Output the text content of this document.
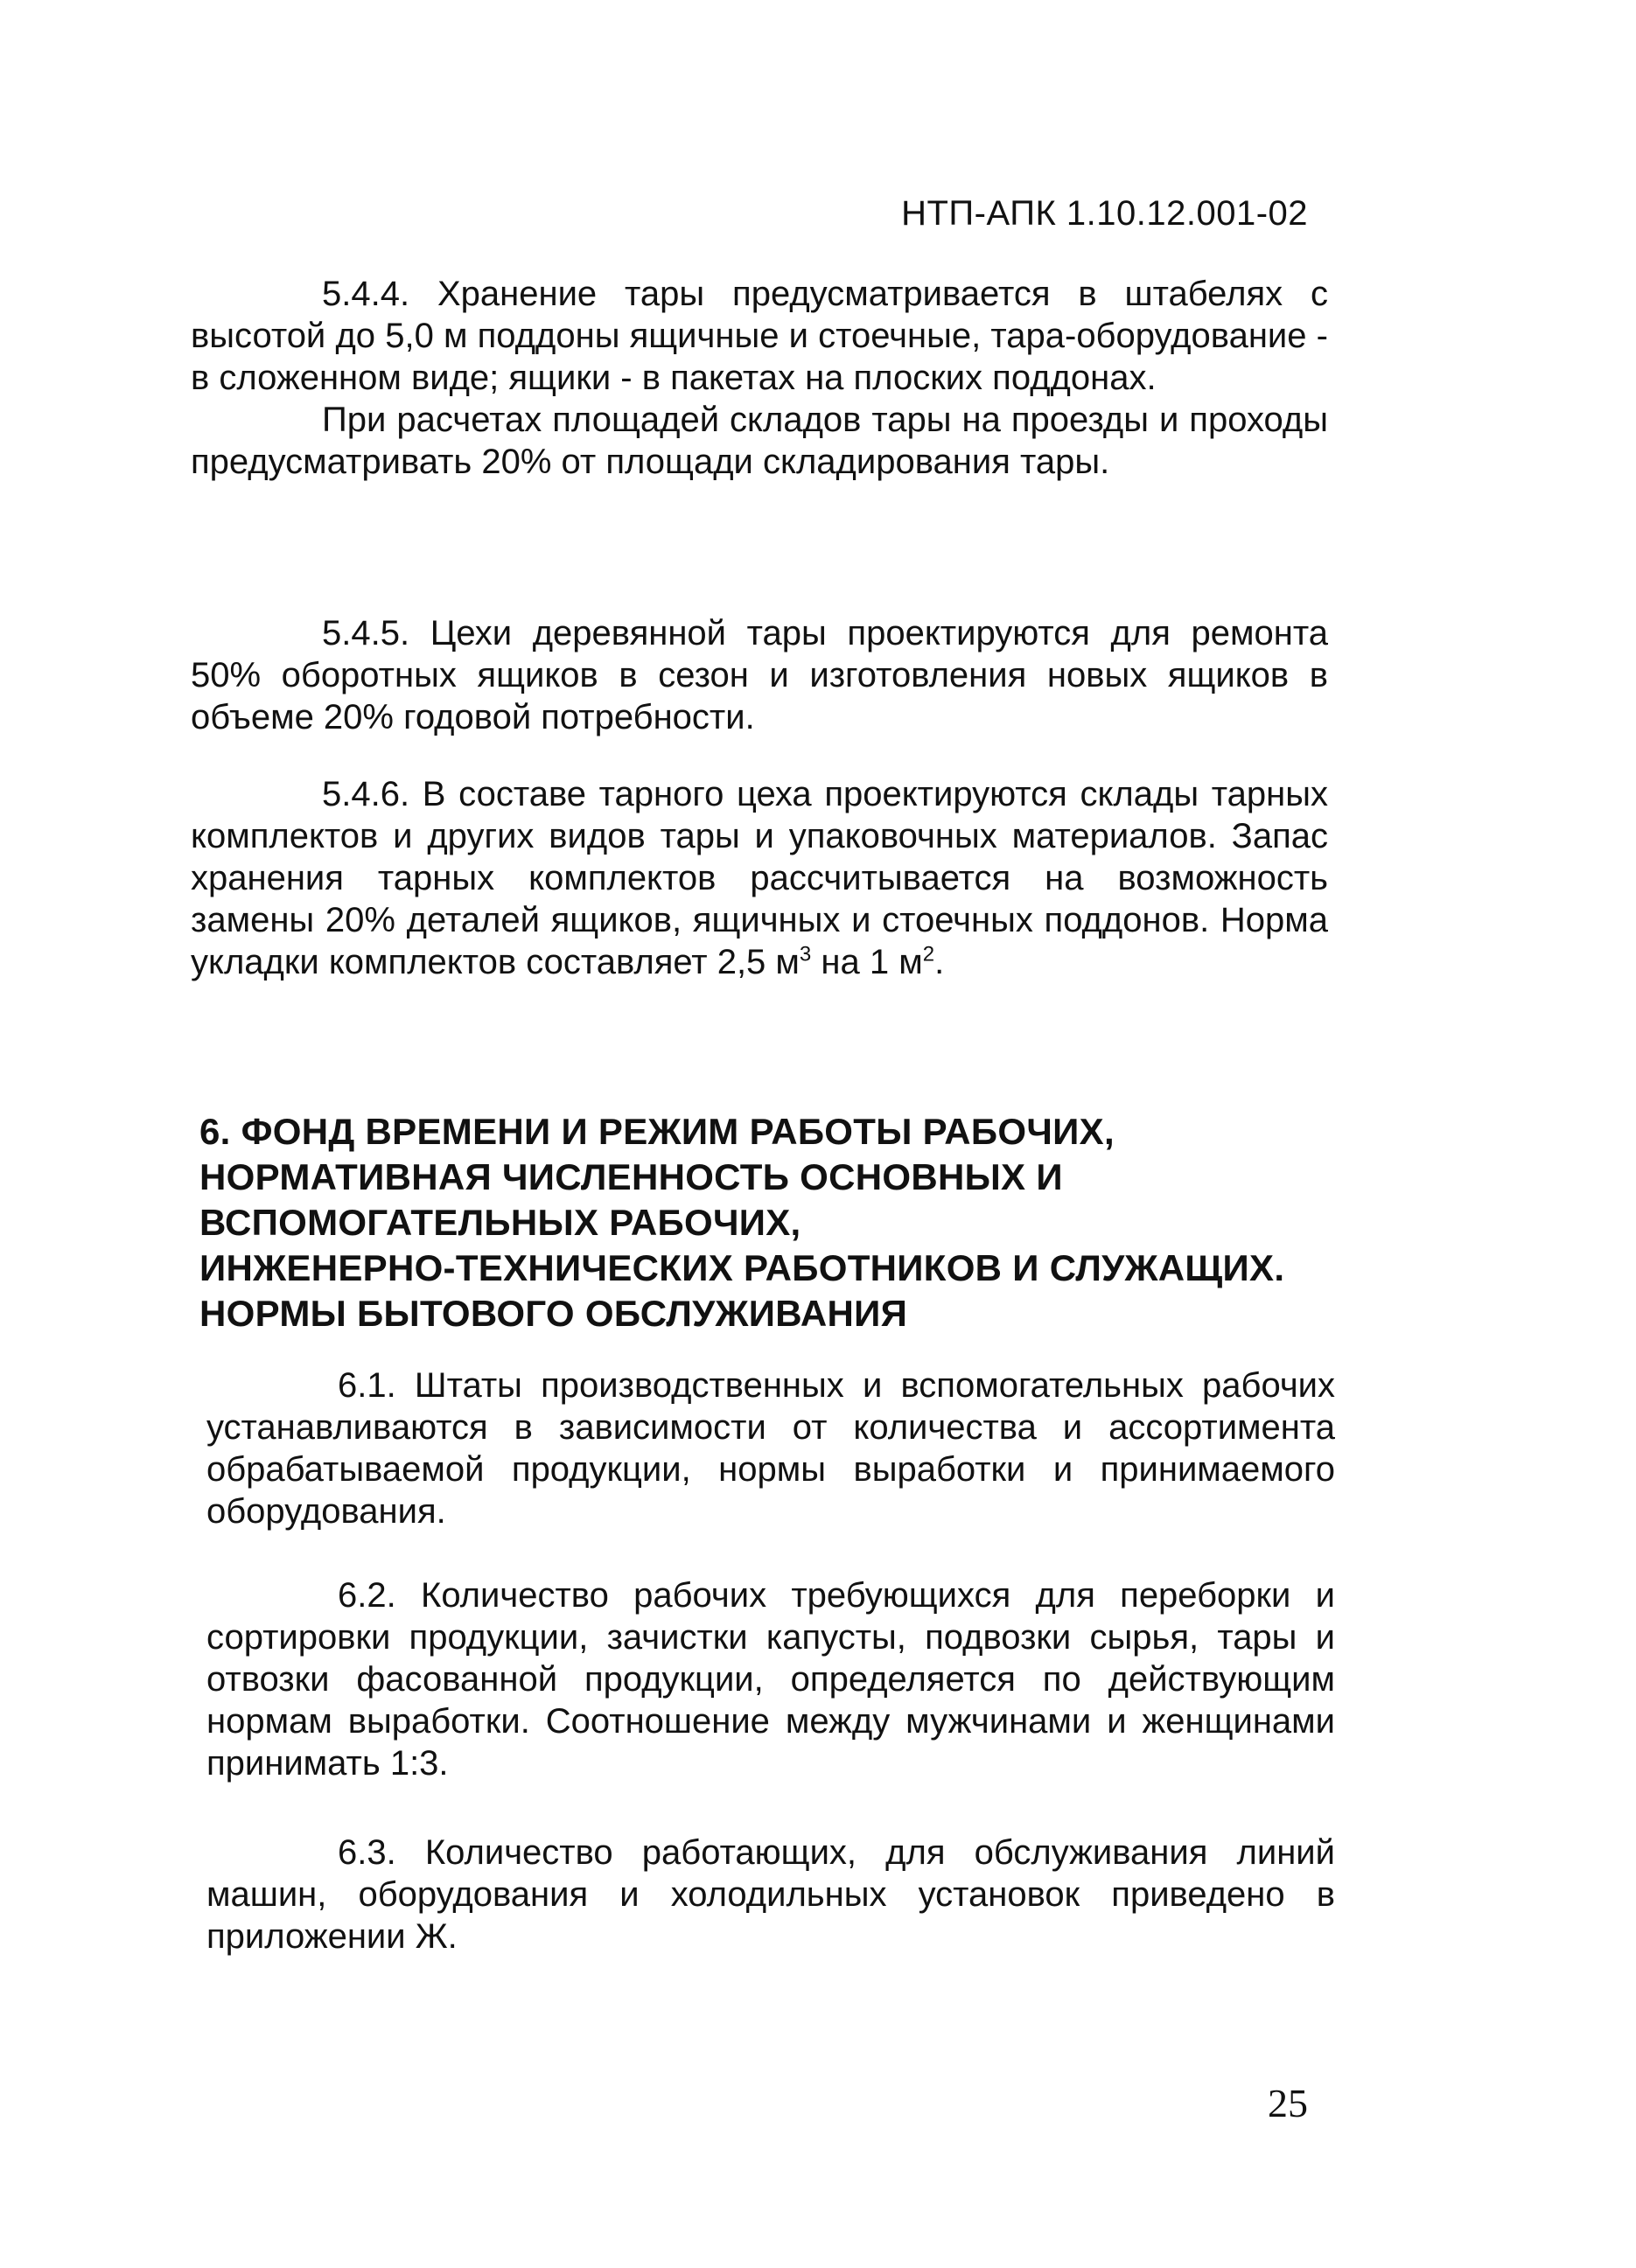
НТП-АПК 1.10.12.001-02

5.4.4. Хранение тары предусматривается в штабелях с высотой до 5,0 м поддоны ящичные и стоечные, тара-оборудование - в сложенном виде; ящики - в пакетах на плоских поддонах.

При расчетах площадей складов тары на проезды и проходы предусматривать 20% от площади складирования тары.

5.4.5. Цехи деревянной тары проектируются для ремонта 50% оборотных ящиков в сезон и изготовления новых ящиков в объеме 20% годовой потребности.

5.4.6. В составе тарного цеха проектируются склады тарных комплектов и других видов тары и упаковочных материалов. Запас хранения тарных комплектов рассчитывается на возможность замены 20% деталей ящиков, ящичных и стоечных поддонов. Норма укладки комплектов составляет 2,5 $м^3$ на 1 $м^2$.

6. ФОНД ВРЕМЕНИ И РЕЖИМ РАБОТЫ РАБОЧИХ,
НОРМАТИВНАЯ ЧИСЛЕННОСТЬ ОСНОВНЫХ И
ВСПОМОГАТЕЛЬНЫХ РАБОЧИХ,
ИНЖЕНЕРНО-ТЕХНИЧЕСКИХ РАБОТНИКОВ И СЛУЖАЩИХ.
НОРМЫ БЫТОВОГО ОБСЛУЖИВАНИЯ

6.1. Штаты производственных и вспомогательных рабочих устанавливаются в зависимости от количества и ассортимента обрабатываемой продукции, нормы выработки и принимаемого оборудования.

6.2. Количество рабочих требующихся для переборки и сортировки продукции, зачистки капусты, подвозки сырья, тары и отвозки фасованной продукции, определяется по действующим нормам выработки. Соотношение между мужчинами и женщинами принимать 1:3.

6.3. Количество работающих, для обслуживания линий машин, оборудования и холодильных установок приведено в приложении Ж.

25
